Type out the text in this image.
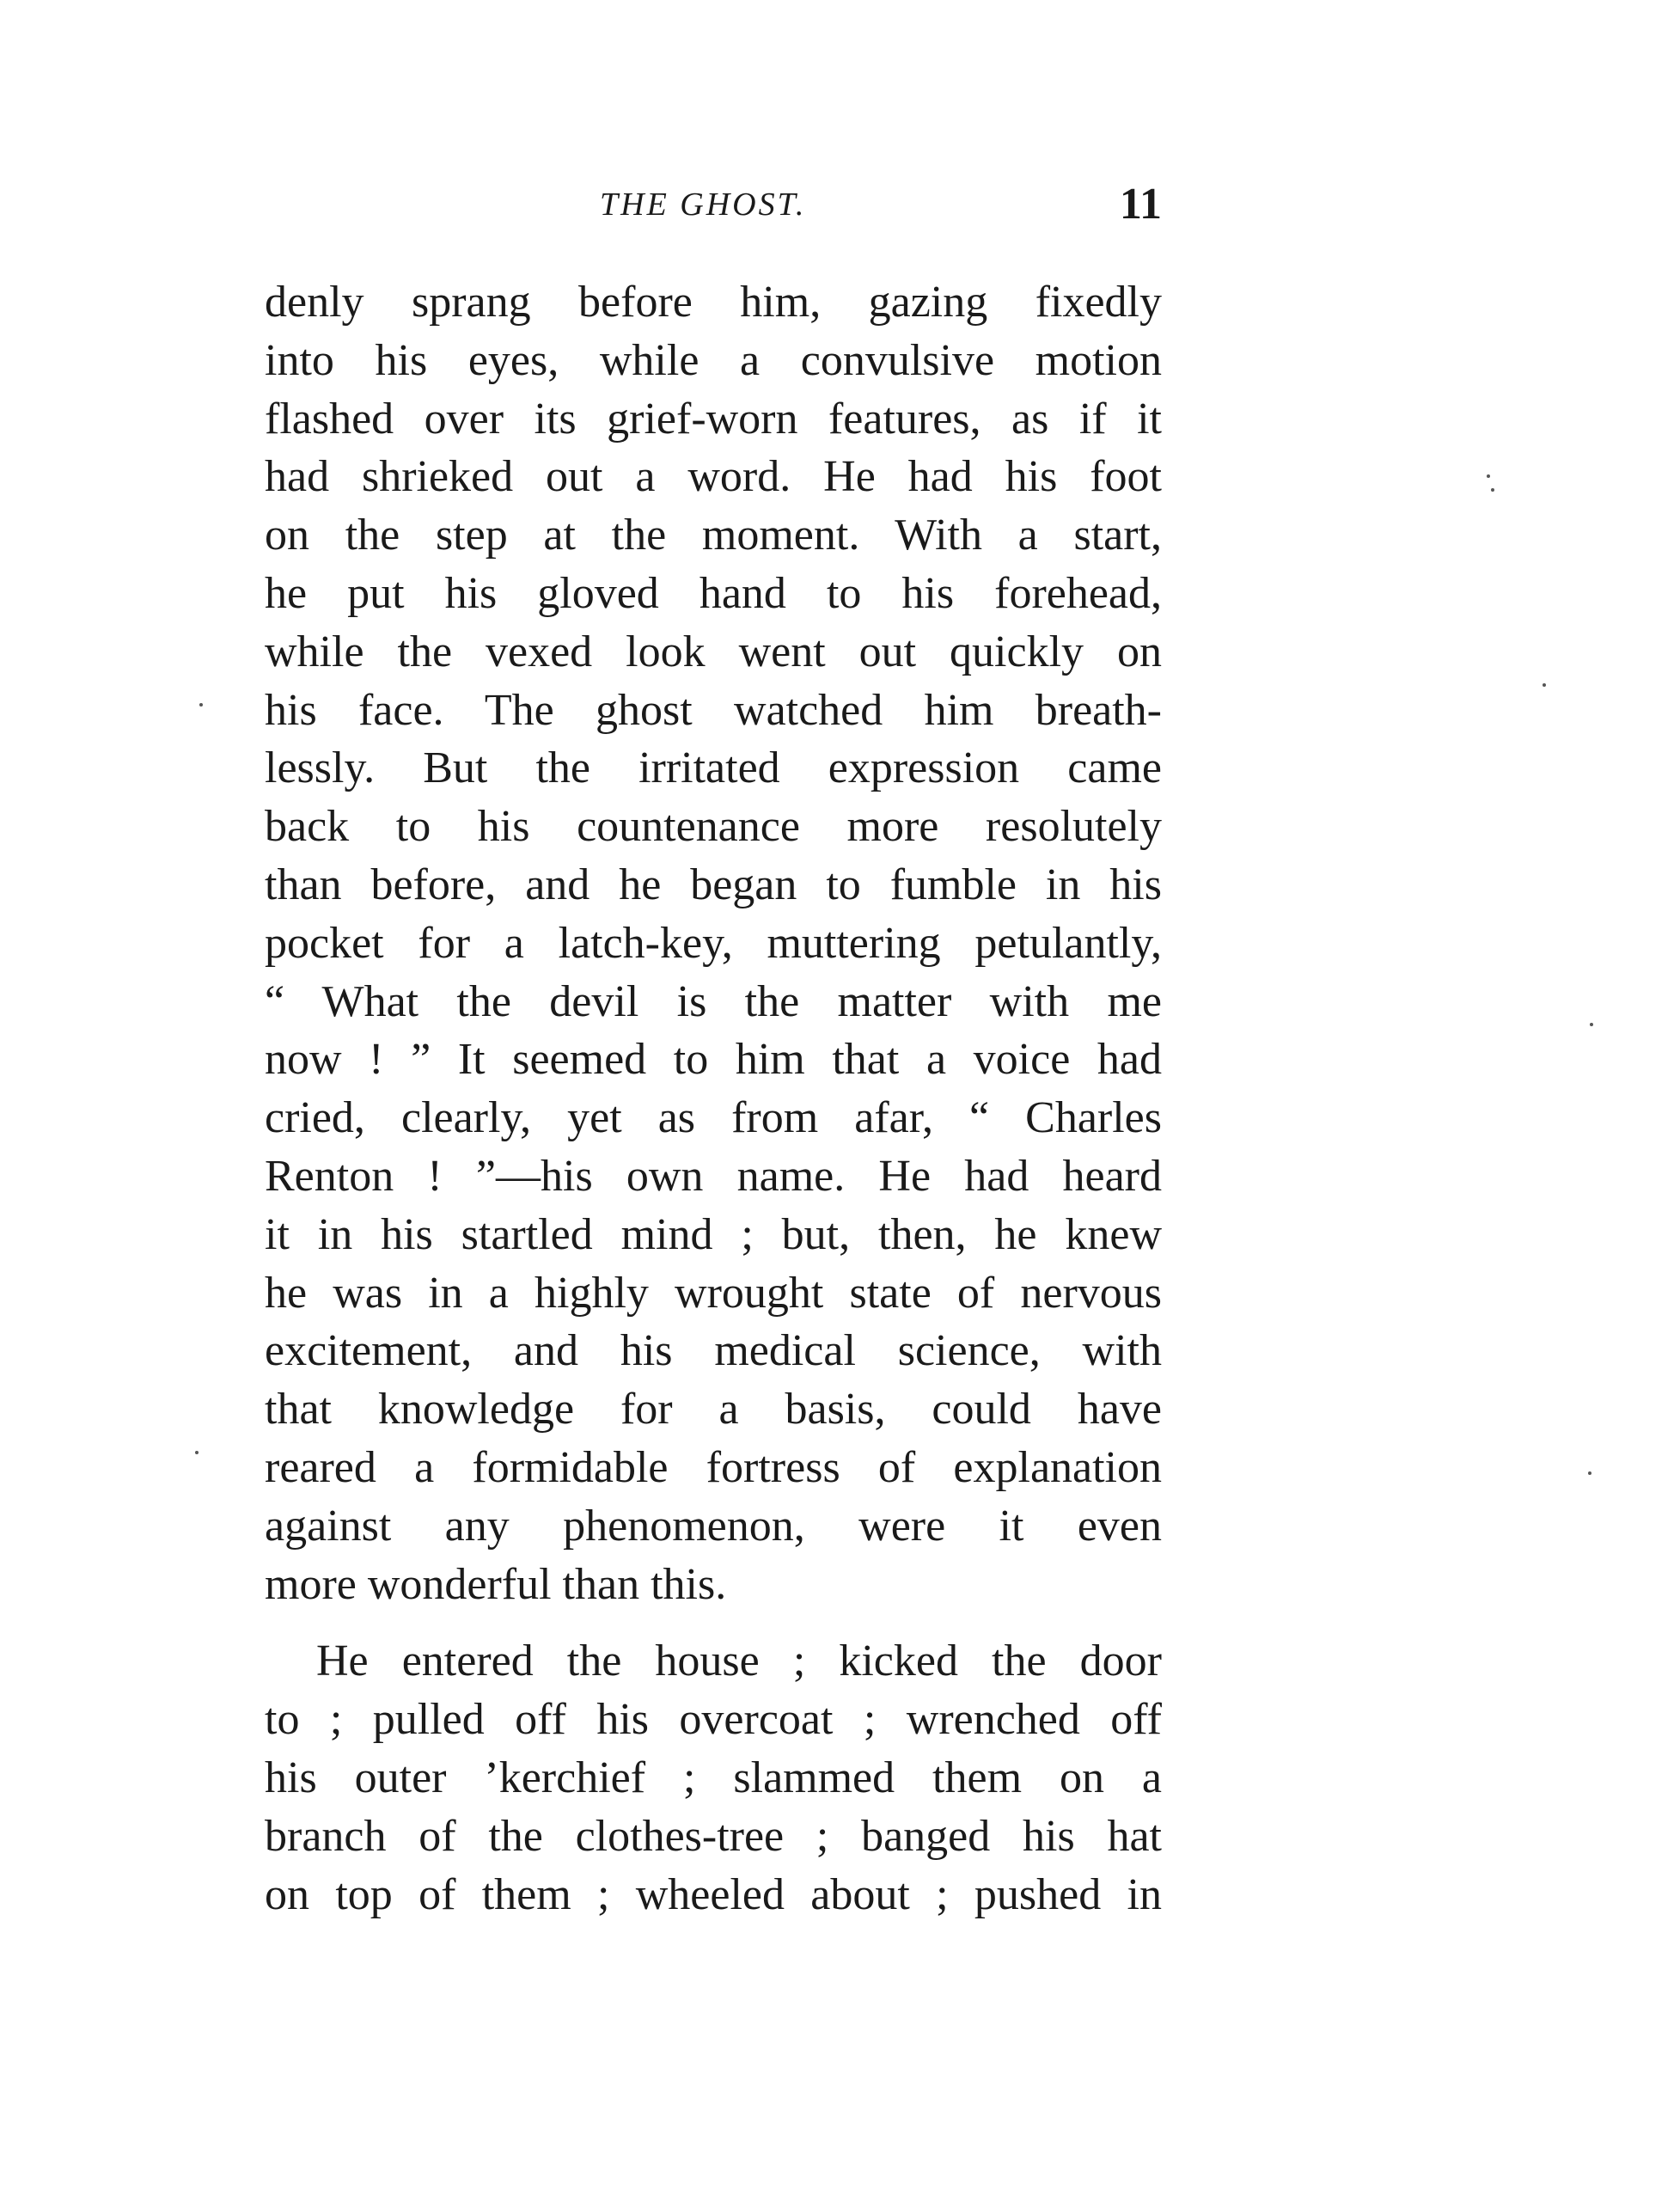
THE GHOST.	11
denly sprang before him, gazing fixedly
into his eyes, while a convulsive motion
flashed over its grief-worn features, as if it
had shrieked out a word. He had his foot
on the step at the moment. With a start,
he put his gloved hand to his forehead,
while the vexed look went out quickly on
his face. The ghost watched him breath-
lessly. But the irritated expression came
back to his countenance more resolutely
than before, and he began to fumble in his
pocket for a latch-key, muttering petulantly,
“ What the devil is the matter with me
now ! ” It seemed to him that a voice had
cried, clearly, yet as from afar, “ Charles
Renton ! ”—his own name. He had heard
it in his startled mind ; but, then, he knew
he was in a highly wrought state of nervous
excitement, and his medical science, with
that knowledge for a basis, could have
reared a formidable fortress of explanation
against any phenomenon, were it even
more wonderful than this.
He entered the house ; kicked the door
to ; pulled off his overcoat ; wrenched off
his outer ’kerchief ; slammed them on a
branch of the clothes-tree ; banged his hat
on top of them ; wheeled about ; pushed in
